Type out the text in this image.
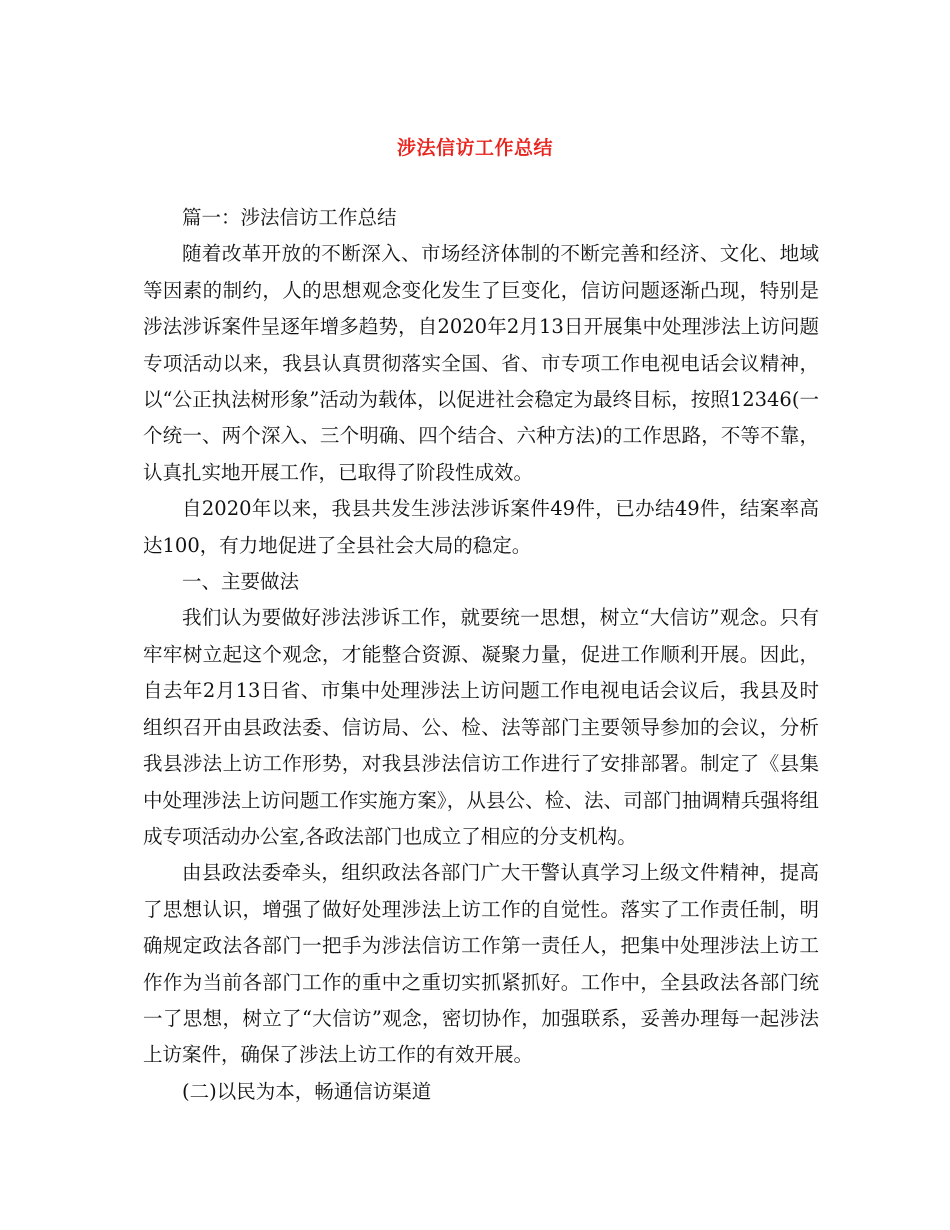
涉法信访工作总结

篇一：涉法信访工作总结

随着改革开放的不断深入、市场经济体制的不断完善和经济、文化、地域等因素的制约，人的思想观念变化发生了巨变化，信访问题逐渐凸现，特别是涉法涉诉案件呈逐年增多趋势，自2020年2月13日开展集中处理涉法上访问题专项活动以来，我县认真贯彻落实全国、省、市专项工作电视电话会议精神，以“公正执法树形象”活动为载体，以促进社会稳定为最终目标，按照12346(一个统一、两个深入、三个明确、四个结合、六种方法)的工作思路，不等不靠，认真扎实地开展工作，已取得了阶段性成效。

自2020年以来，我县共发生涉法涉诉案件49件，已办结49件，结案率高达100，有力地促进了全县社会大局的稳定。

一、主要做法

我们认为要做好涉法涉诉工作，就要统一思想，树立“大信访”观念。只有牢牢树立起这个观念，才能整合资源、凝聚力量，促进工作顺利开展。因此，自去年2月13日省、市集中处理涉法上访问题工作电视电话会议后，我县及时组织召开由县政法委、信访局、公、检、法等部门主要领导参加的会议，分析我县涉法上访工作形势，对我县涉法信访工作进行了安排部署。制定了《县集中处理涉法上访问题工作实施方案》，从县公、检、法、司部门抽调精兵强将组成专项活动办公室,各政法部门也成立了相应的分支机构。

由县政法委牵头，组织政法各部门广大干警认真学习上级文件精神，提高了思想认识，增强了做好处理涉法上访工作的自觉性。落实了工作责任制，明确规定政法各部门一把手为涉法信访工作第一责任人，把集中处理涉法上访工作作为当前各部门工作的重中之重切实抓紧抓好。工作中，全县政法各部门统一了思想，树立了“大信访”观念，密切协作，加强联系，妥善办理每一起涉法上访案件，确保了涉法上访工作的有效开展。

(二)以民为本，畅通信访渠道
